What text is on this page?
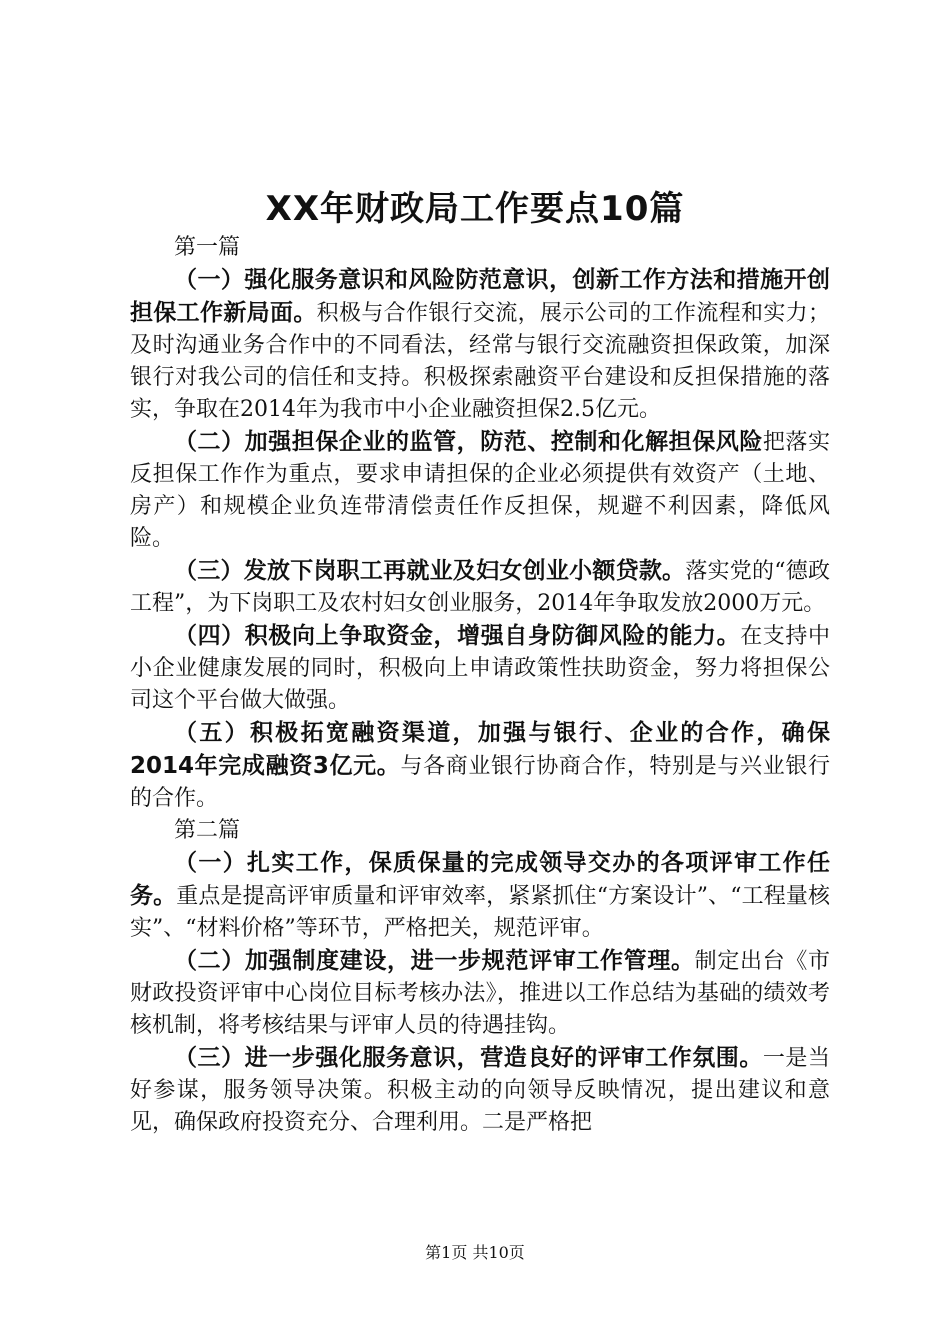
XX年财政局工作要点10篇

第一篇

（一）强化服务意识和风险防范意识，创新工作方法和措施开创担保工作新局面。积极与合作银行交流，展示公司的工作流程和实力；及时沟通业务合作中的不同看法，经常与银行交流融资担保政策，加深银行对我公司的信任和支持。积极探索融资平台建设和反担保措施的落实，争取在2014年为我市中小企业融资担保2.5亿元。

（二）加强担保企业的监管，防范、控制和化解担保风险把落实反担保工作作为重点，要求申请担保的企业必须提供有效资产（土地、房产）和规模企业负连带清偿责任作反担保，规避不利因素，降低风险。

（三）发放下岗职工再就业及妇女创业小额贷款。落实党的“德政工程”，为下岗职工及农村妇女创业服务，2014年争取发放2000万元。

（四）积极向上争取资金，增强自身防御风险的能力。在支持中小企业健康发展的同时，积极向上申请政策性扶助资金，努力将担保公司这个平台做大做强。

（五）积极拓宽融资渠道，加强与银行、企业的合作，确保2014年完成融资3亿元。与各商业银行协商合作，特别是与兴业银行的合作。

第二篇

（一）扎实工作，保质保量的完成领导交办的各项评审工作任务。重点是提高评审质量和评审效率，紧紧抓住“方案设计”、“工程量核实”、“材料价格”等环节，严格把关，规范评审。

（二）加强制度建设，进一步规范评审工作管理。制定出台《市财政投资评审中心岗位目标考核办法》，推进以工作总结为基础的绩效考核机制，将考核结果与评审人员的待遇挂钩。

（三）进一步强化服务意识，营造良好的评审工作氛围。一是当好参谋，服务领导决策。积极主动的向领导反映情况，提出建议和意见，确保政府投资充分、合理利用。二是严格把

第1页 共10页
